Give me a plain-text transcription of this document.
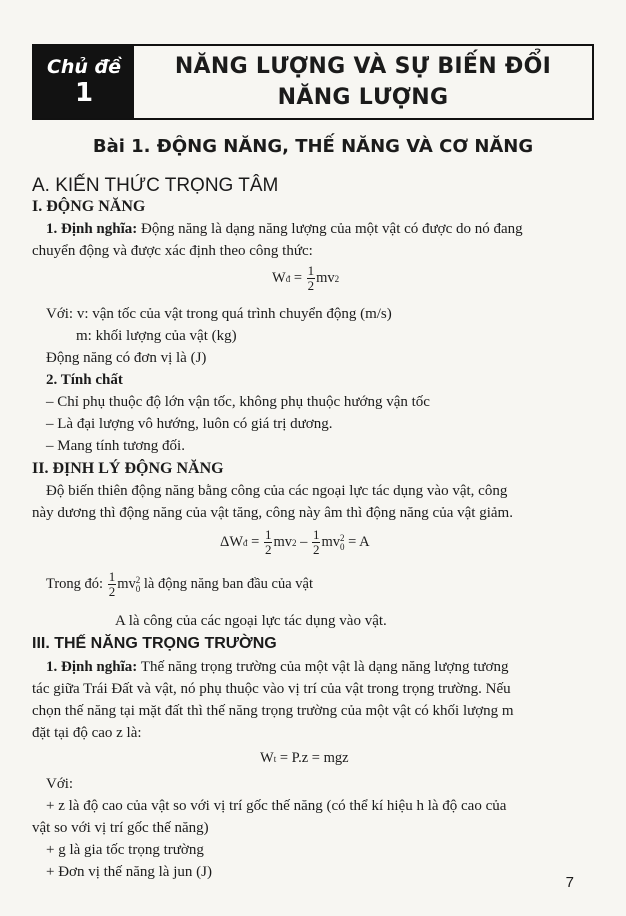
Chủ đề
1
NĂNG LƯỢNG VÀ SỰ BIẾN ĐỔI
NĂNG LƯỢNG
Bài 1. ĐỘNG NĂNG, THẾ NĂNG VÀ CƠ NĂNG
A. KIẾN THỨC TRỌNG TÂM
I. ĐỘNG NĂNG
1. Định nghĩa: Động năng là dạng năng lượng của một vật có được do nó đang
chuyển động và được xác định theo công thức:
W đ = $\frac{1}{2}$ mv 2
Với: v: vận tốc của vật trong quá trình chuyển động (m/s)
m: khối lượng của vật (kg)
Động năng có đơn vị là (J)
2. Tính chất
– Chỉ phụ thuộc độ lớn vận tốc, không phụ thuộc hướng vận tốc
– Là đại lượng vô hướng, luôn có giá trị dương.
– Mang tính tương đối.
II. ĐỊNH LÝ ĐỘNG NĂNG
Độ biến thiên động năng bằng công của các ngoại lực tác dụng vào vật, công
này dương thì động năng của vật tăng, công này âm thì động năng của vật giảm.
ΔW đ = $\frac{1}{2}$ mv $2 - \frac{1}{2}$ mv 2
0 = A
Trong đó:
$\frac{1}{2}$ mv 2
0 là động năng ban đầu của vật
A là công của các ngoại lực tác dụng vào vật.
III. THẾ NĂNG TRỌNG TRƯỜNG
1. Định nghĩa: Thế năng trọng trường của một vật là dạng năng lượng tương
tác giữa Trái Đất và vật, nó phụ thuộc vào vị trí của vật trong trọng trường. Nếu
chọn thế năng tại mặt đất thì thế năng trọng trường của một vật có khối lượng m
đặt tại độ cao z là:
W t = P.z = mgz
Với:
+ z là độ cao của vật so với vị trí gốc thế năng (có thể kí hiệu h là độ cao của
vật so với vị trí gốc thế năng)
+ g là gia tốc trọng trường
+ Đơn vị thế năng là jun (J)
7
